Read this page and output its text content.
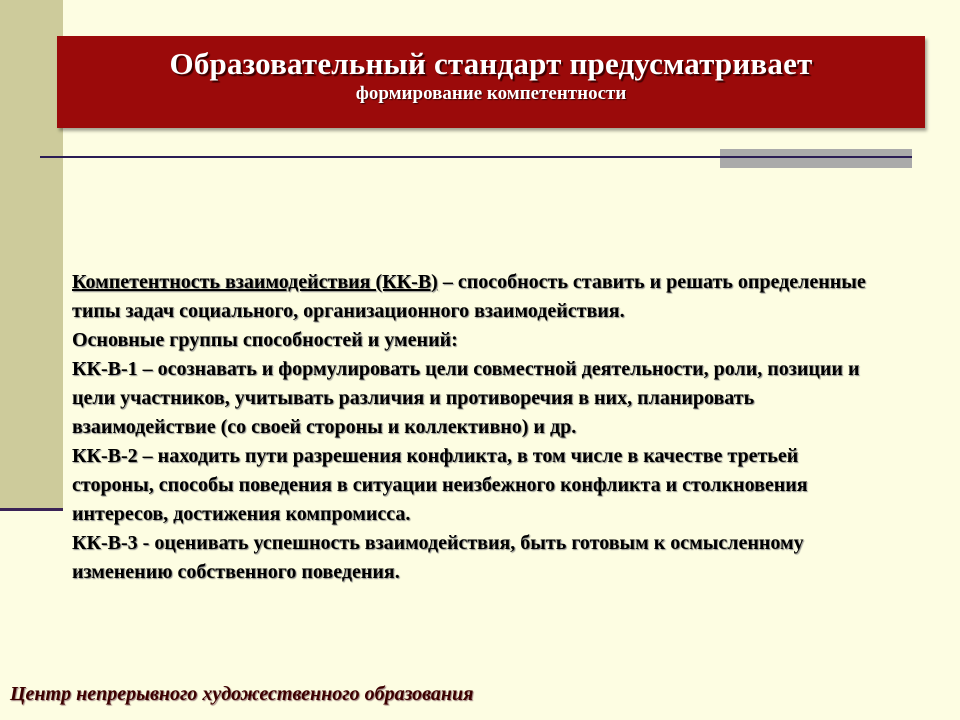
Образовательный стандарт предусматривает
формирование компетентности

Компетентность взаимодействия (КК-В) – способность ставить и решать определенные типы задач социального, организационного взаимодействия.

Основные группы способностей и умений:

КК-В-1 – осознавать и формулировать цели совместной деятельности, роли, позиции и цели участников, учитывать различия и противоречия в них, планировать взаимодействие (со своей стороны и коллективно) и др.

КК-В-2 – находить пути разрешения конфликта, в том числе в качестве третьей стороны, способы поведения в ситуации неизбежного конфликта и столкновения интересов, достижения компромисса.

КК-В-3 - оценивать успешность взаимодействия, быть готовым к осмысленному изменению собственного поведения.

Центр непрерывного художественного образования
